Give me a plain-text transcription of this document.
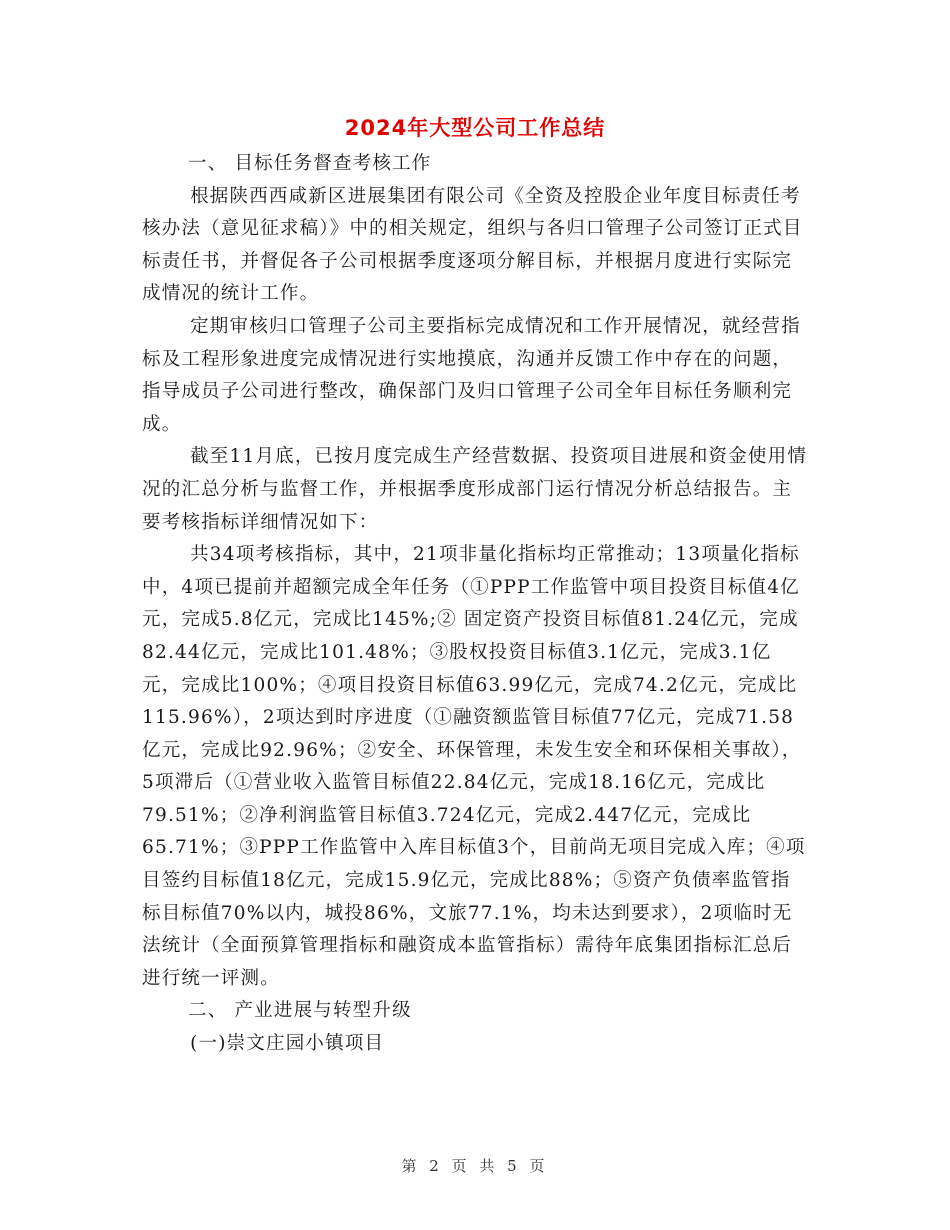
2024年大型公司工作总结

一、 目标任务督查考核工作

根据陕西西咸新区进展集团有限公司《全资及控股企业年度目标责任考核办法（意见征求稿）》中的相关规定，组织与各归口管理子公司签订正式目标责任书，并督促各子公司根据季度逐项分解目标，并根据月度进行实际完成情况的统计工作。

定期审核归口管理子公司主要指标完成情况和工作开展情况，就经营指标及工程形象进度完成情况进行实地摸底，沟通并反馈工作中存在的问题，指导成员子公司进行整改，确保部门及归口管理子公司全年目标任务顺利完成。

截至11月底，已按月度完成生产经营数据、投资项目进展和资金使用情况的汇总分析与监督工作，并根据季度形成部门运行情况分析总结报告。主要考核指标详细情况如下：

共34项考核指标，其中，21项非量化指标均正常推动；13项量化指标中，4项已提前并超额完成全年任务（①PPP工作监管中项目投资目标值4亿元，完成5.8亿元，完成比145%;② 固定资产投资目标值81.24亿元，完成82.44亿元，完成比101.48%；③股权投资目标值3.1亿元，完成3.1亿元，完成比100%；④项目投资目标值63.99亿元，完成74.2亿元，完成比115.96%），2项达到时序进度（①融资额监管目标值77亿元，完成71.58亿元，完成比92.96%；②安全、环保管理，未发生安全和环保相关事故），5项滞后（①营业收入监管目标值22.84亿元，完成18.16亿元，完成比79.51%；②净利润监管目标值3.724亿元，完成2.447亿元，完成比65.71%；③PPP工作监管中入库目标值3个，目前尚无项目完成入库；④项目签约目标值18亿元，完成15.9亿元，完成比88%；⑤资产负债率监管指标目标值70%以内，城投86%，文旅77.1%，均未达到要求），2项临时无法统计（全面预算管理指标和融资成本监管指标）需待年底集团指标汇总后进行统一评测。

二、 产业进展与转型升级

(一)崇文庄园小镇项目

第 2 页 共 5 页
